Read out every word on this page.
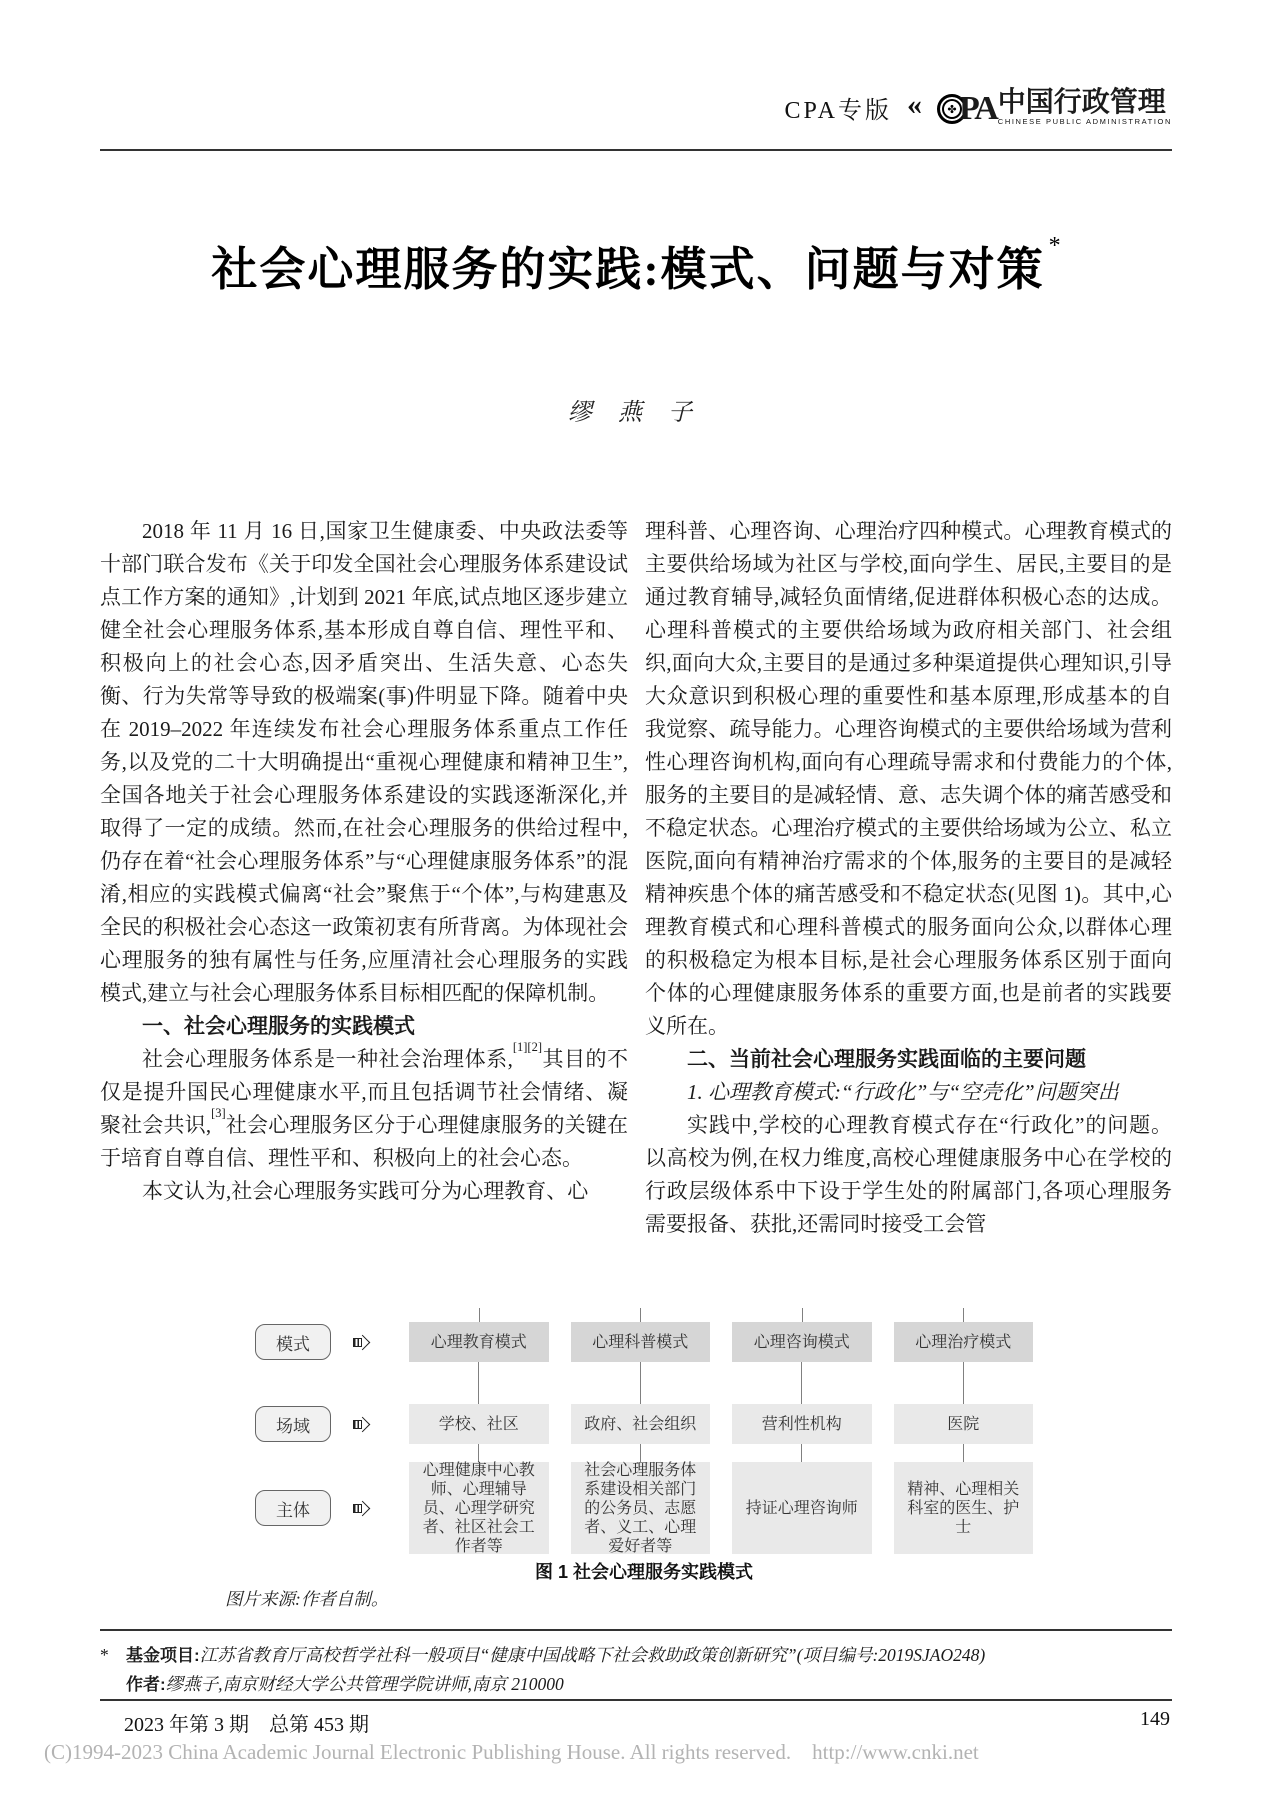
CPA专版 «	✤ PA 中国行政管理
CHINESE PUBLIC ADMINISTRATION
社会心理服务的实践:模式、问题与对策 *
缪 燕 子

2018 年 11 月 16 日,国家卫生健康委、中央政法委等十部门联合发布《关于印发全国社会心理服务体系建设试点工作方案的通知》,计划到 2021 年底,试点地区逐步建立健全社会心理服务体系,基本形成自尊自信、理性平和、积极向上的社会心态,因矛盾突出、生活失意、心态失衡、行为失常等导致的极端案(事)件明显下降。随着中央在 2019–2022 年连续发布社会心理服务体系重点工作任务,以及党的二十大明确提出“重视心理健康和精神卫生”,全国各地关于社会心理服务体系建设的实践逐渐深化,并取得了一定的成绩。然而,在社会心理服务的供给过程中,仍存在着“社会心理服务体系”与“心理健康服务体系”的混淆,相应的实践模式偏离“社会”聚焦于“个体”,与构建惠及全民的积极社会心态这一政策初衷有所背离。为体现社会心理服务的独有属性与任务,应厘清社会心理服务的实践模式,建立与社会心理服务体系目标相匹配的保障机制。

一、社会心理服务的实践模式

社会心理服务体系是一种社会治理体系,[1][2]其目的不仅是提升国民心理健康水平,而且包括调节社会情绪、凝聚社会共识,[3]社会心理服务区分于心理健康服务的关键在于培育自尊自信、理性平和、积极向上的社会心态。

本文认为,社会心理服务实践可分为心理教育、心

理科普、心理咨询、心理治疗四种模式。心理教育模式的主要供给场域为社区与学校,面向学生、居民,主要目的是通过教育辅导,减轻负面情绪,促进群体积极心态的达成。心理科普模式的主要供给场域为政府相关部门、社会组织,面向大众,主要目的是通过多种渠道提供心理知识,引导大众意识到积极心理的重要性和基本原理,形成基本的自我觉察、疏导能力。心理咨询模式的主要供给场域为营利性心理咨询机构,面向有心理疏导需求和付费能力的个体,服务的主要目的是减轻情、意、志失调个体的痛苦感受和不稳定状态。心理治疗模式的主要供给场域为公立、私立医院,面向有精神治疗需求的个体,服务的主要目的是减轻精神疾患个体的痛苦感受和不稳定状态(见图 1)。其中,心理教育模式和心理科普模式的服务面向公众,以群体心理的积极稳定为根本目标,是社会心理服务体系区别于面向个体的心理健康服务体系的重要方面,也是前者的实践要义所在。

二、当前社会心理服务实践面临的主要问题

1. 心理教育模式:“行政化”与“空壳化”问题突出

实践中,学校的心理教育模式存在“行政化”的问题。以高校为例,在权力维度,高校心理健康服务中心在学校的行政层级体系中下设于学生处的附属部门,各项心理服务需要报备、获批,还需同时接受工会管

模式
场域
主体
心理教育模式
学校、社区
心理健康中心教师、心理辅导员、心理学研究者、社区社会工作者等
心理科普模式
政府、社会组织
社会心理服务体系建设相关部门的公务员、志愿者、义工、心理爱好者等
心理咨询模式
营利性机构
持证心理咨询师
心理治疗模式
医院
精神、心理相关科室的医生、护士
图 1 社会心理服务实践模式
图片来源:作者自制。
* 基金项目:江苏省教育厅高校哲学社科一般项目“健康中国战略下社会救助政策创新研究”(项目编号:2019SJAO248)
作者:缪燕子,南京财经大学公共管理学院讲师,南京 210000
2023 年第 3 期　总第 453 期	149
(C)1994-2023 China Academic Journal Electronic Publishing House. All rights reserved.    http://www.cnki.net
